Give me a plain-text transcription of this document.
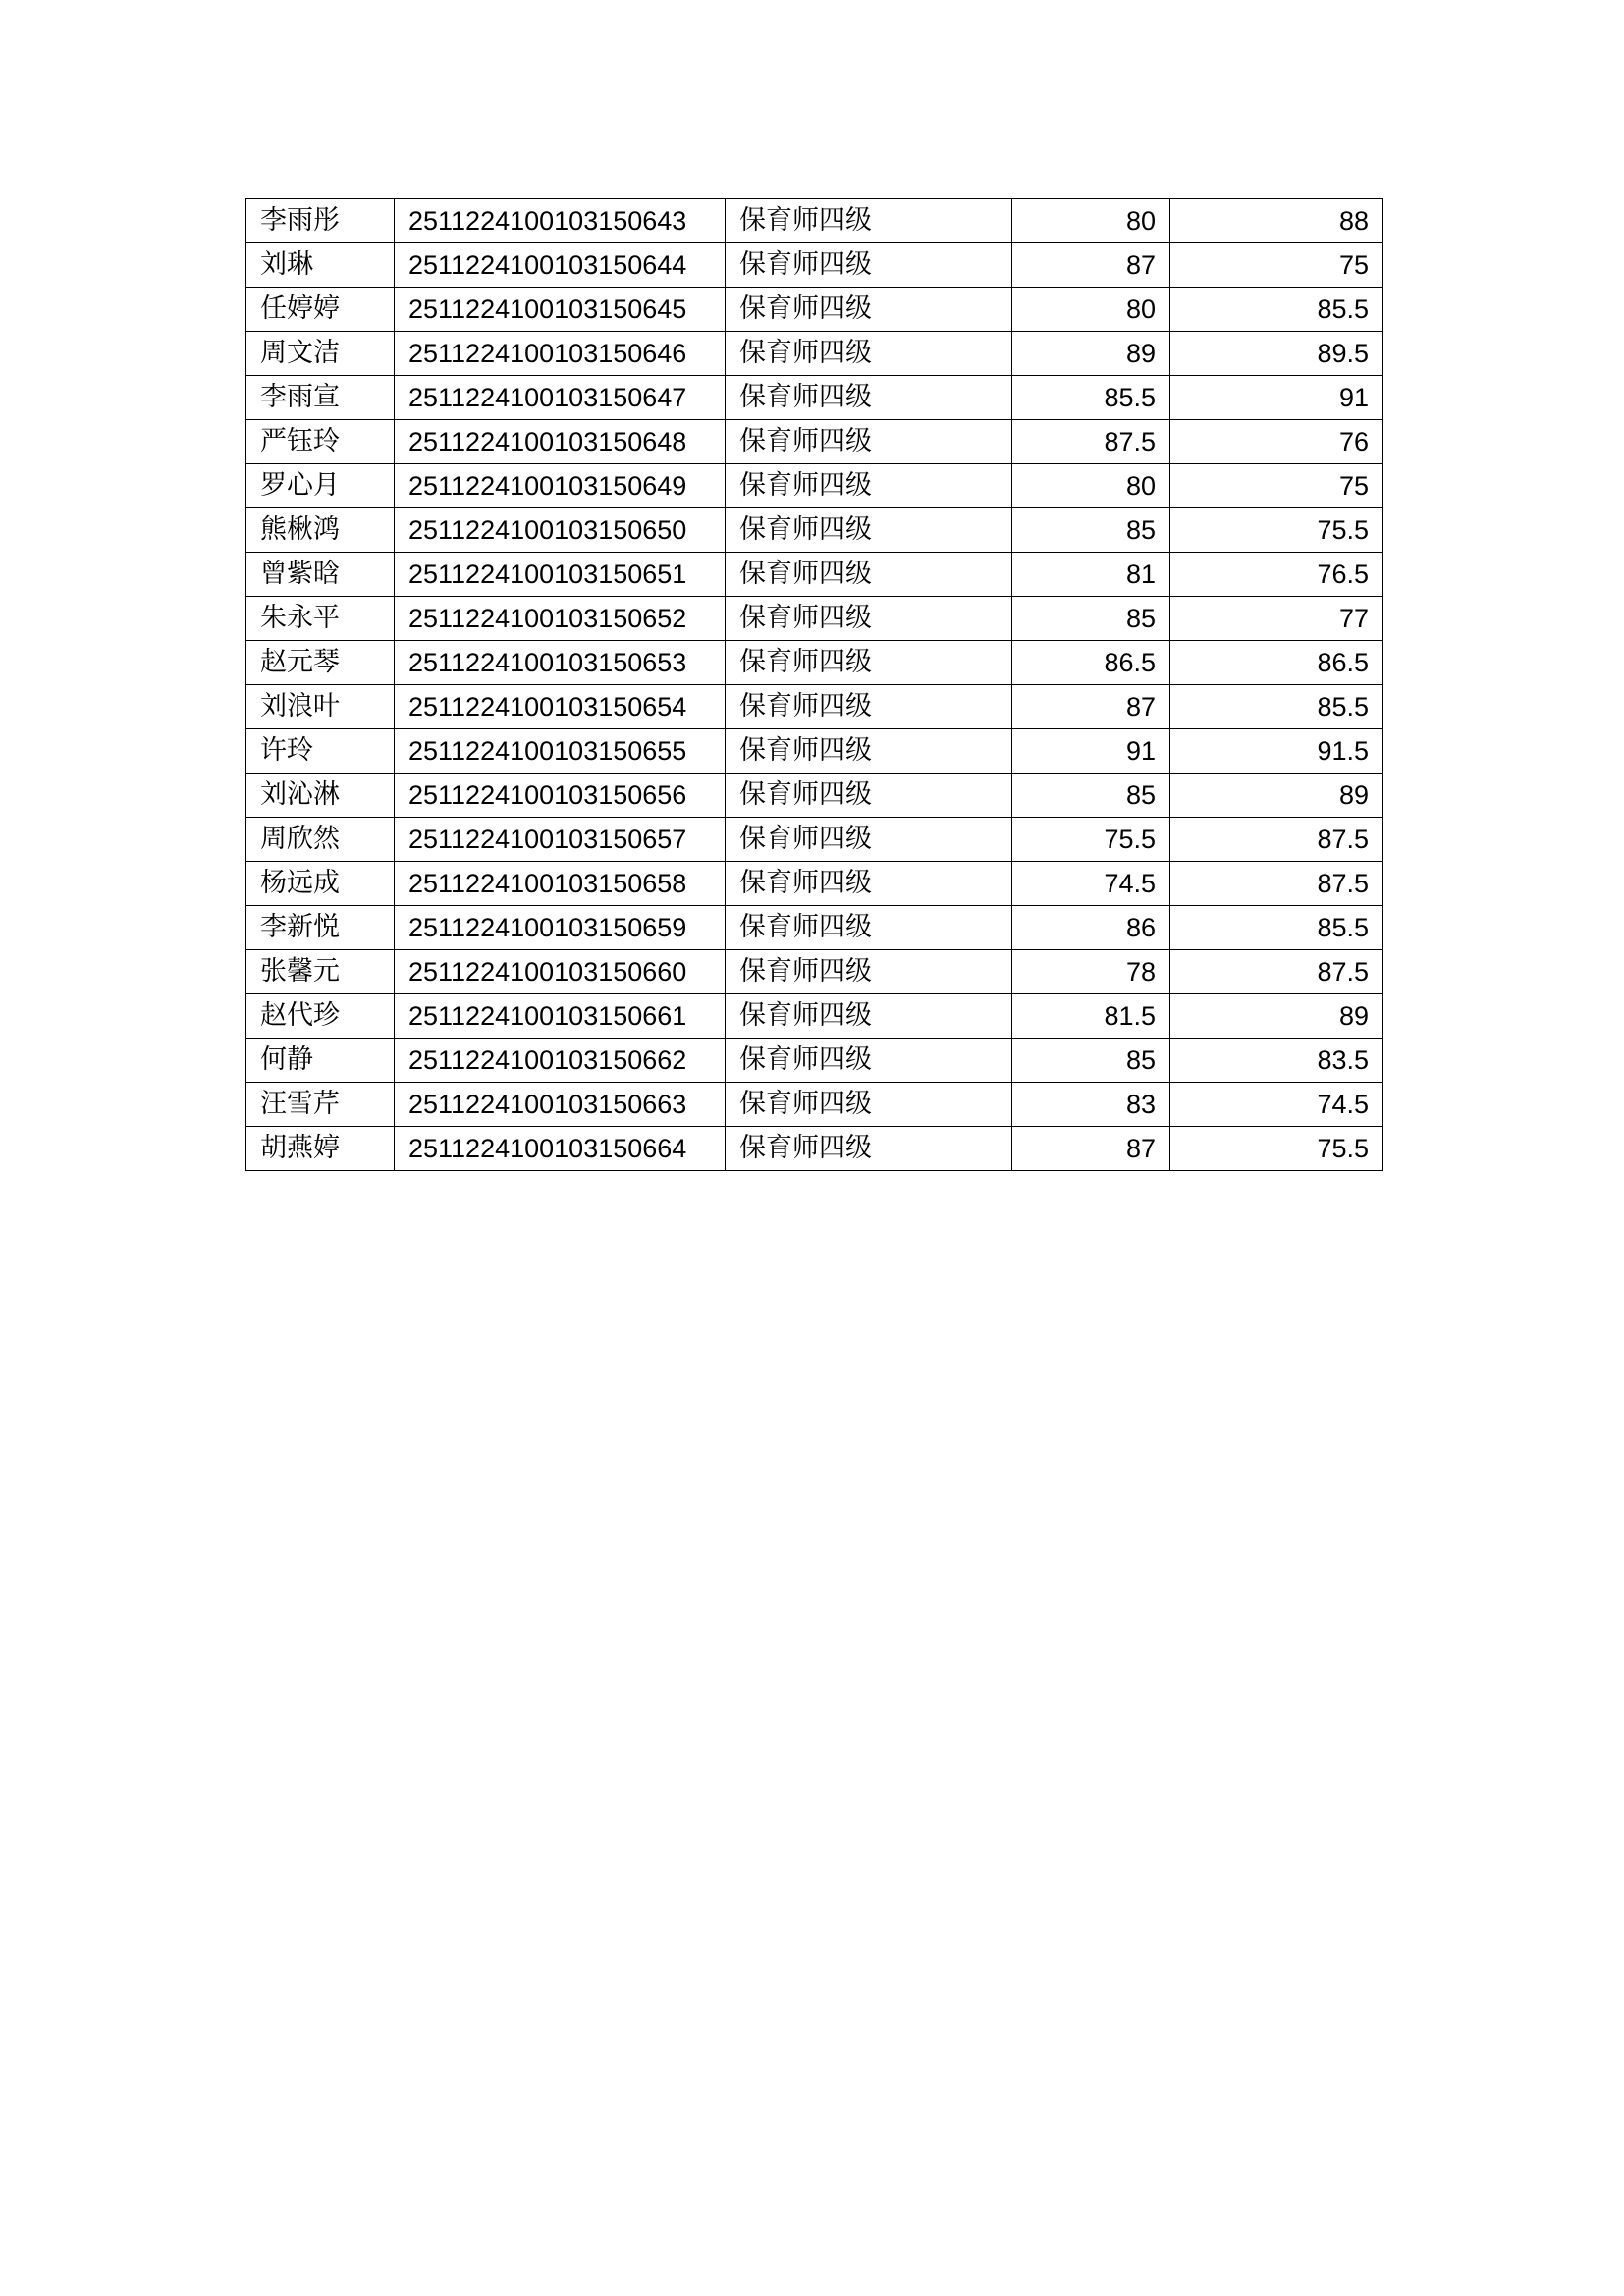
李雨彤	2511224100103150643	保育师四级	80	88
刘琳	2511224100103150644	保育师四级	87	75
任婷婷	2511224100103150645	保育师四级	80	85.5
周文洁	2511224100103150646	保育师四级	89	89.5
李雨宣	2511224100103150647	保育师四级	85.5	91
严钰玲	2511224100103150648	保育师四级	87.5	76
罗心月	2511224100103150649	保育师四级	80	75
熊楸鸿	2511224100103150650	保育师四级	85	75.5
曾紫晗	2511224100103150651	保育师四级	81	76.5
朱永平	2511224100103150652	保育师四级	85	77
赵元琴	2511224100103150653	保育师四级	86.5	86.5
刘浪叶	2511224100103150654	保育师四级	87	85.5
许玲	2511224100103150655	保育师四级	91	91.5
刘沁淋	2511224100103150656	保育师四级	85	89
周欣然	2511224100103150657	保育师四级	75.5	87.5
杨远成	2511224100103150658	保育师四级	74.5	87.5
李新悦	2511224100103150659	保育师四级	86	85.5
张馨元	2511224100103150660	保育师四级	78	87.5
赵代珍	2511224100103150661	保育师四级	81.5	89
何静	2511224100103150662	保育师四级	85	83.5
汪雪芹	2511224100103150663	保育师四级	83	74.5
胡燕婷	2511224100103150664	保育师四级	87	75.5
